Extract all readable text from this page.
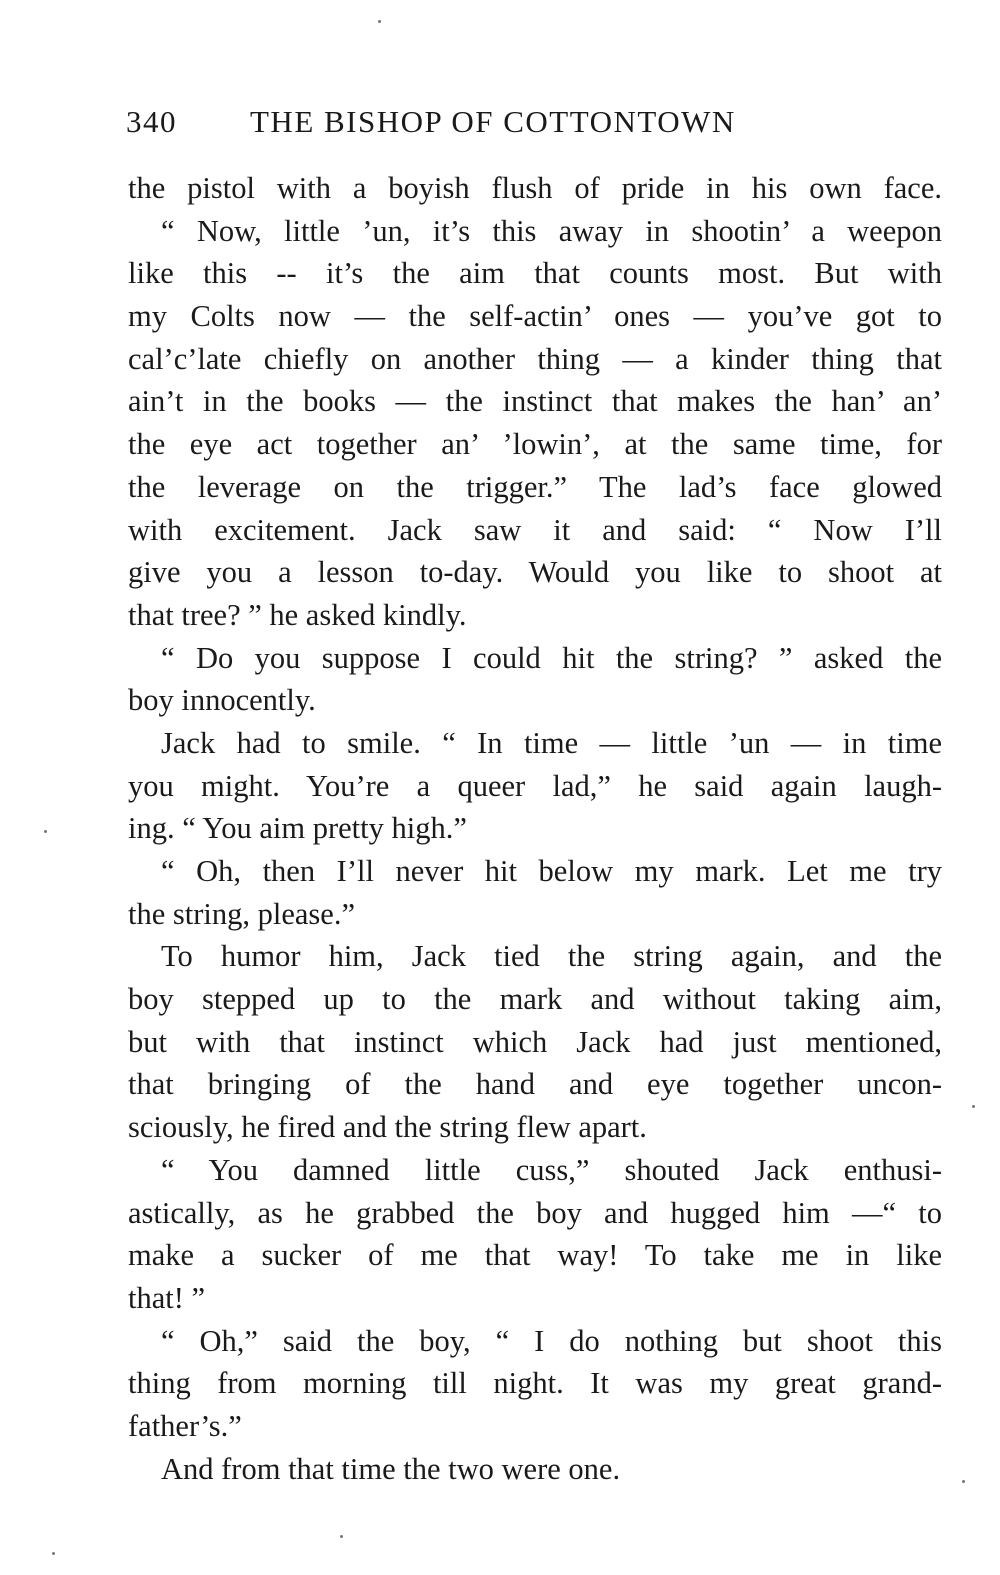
340 THE BISHOP OF COTTONTOWN
the pistol with a boyish flush of pride in his own face.
“ Now, little ’un, it’s this away in shootin’ a weepon
like this -- it’s the aim that counts most. But with
my Colts now — the self-actin’ ones — you’ve got to
cal’c’late chiefly on another thing — a kinder thing that
ain’t in the books — the instinct that makes the han’ an’
the eye act together an’ ’lowin’, at the same time, for
the leverage on the trigger.” The lad’s face glowed
with excitement. Jack saw it and said: “ Now I’ll
give you a lesson to-day. Would you like to shoot at
that tree? ” he asked kindly.
“ Do you suppose I could hit the string? ” asked the
boy innocently.
Jack had to smile. “ In time — little ’un — in time
you might. You’re a queer lad,” he said again laugh-
ing. “ You aim pretty high.”
“ Oh, then I’ll never hit below my mark. Let me try
the string, please.”
To humor him, Jack tied the string again, and the
boy stepped up to the mark and without taking aim,
but with that instinct which Jack had just mentioned,
that bringing of the hand and eye together uncon-
sciously, he fired and the string flew apart.
“ You damned little cuss,” shouted Jack enthusi-
astically, as he grabbed the boy and hugged him —“ to
make a sucker of me that way! To take me in like
that! ”
“ Oh,” said the boy, “ I do nothing but shoot this
thing from morning till night. It was my great grand-
father’s.”
And from that time the two were one.
